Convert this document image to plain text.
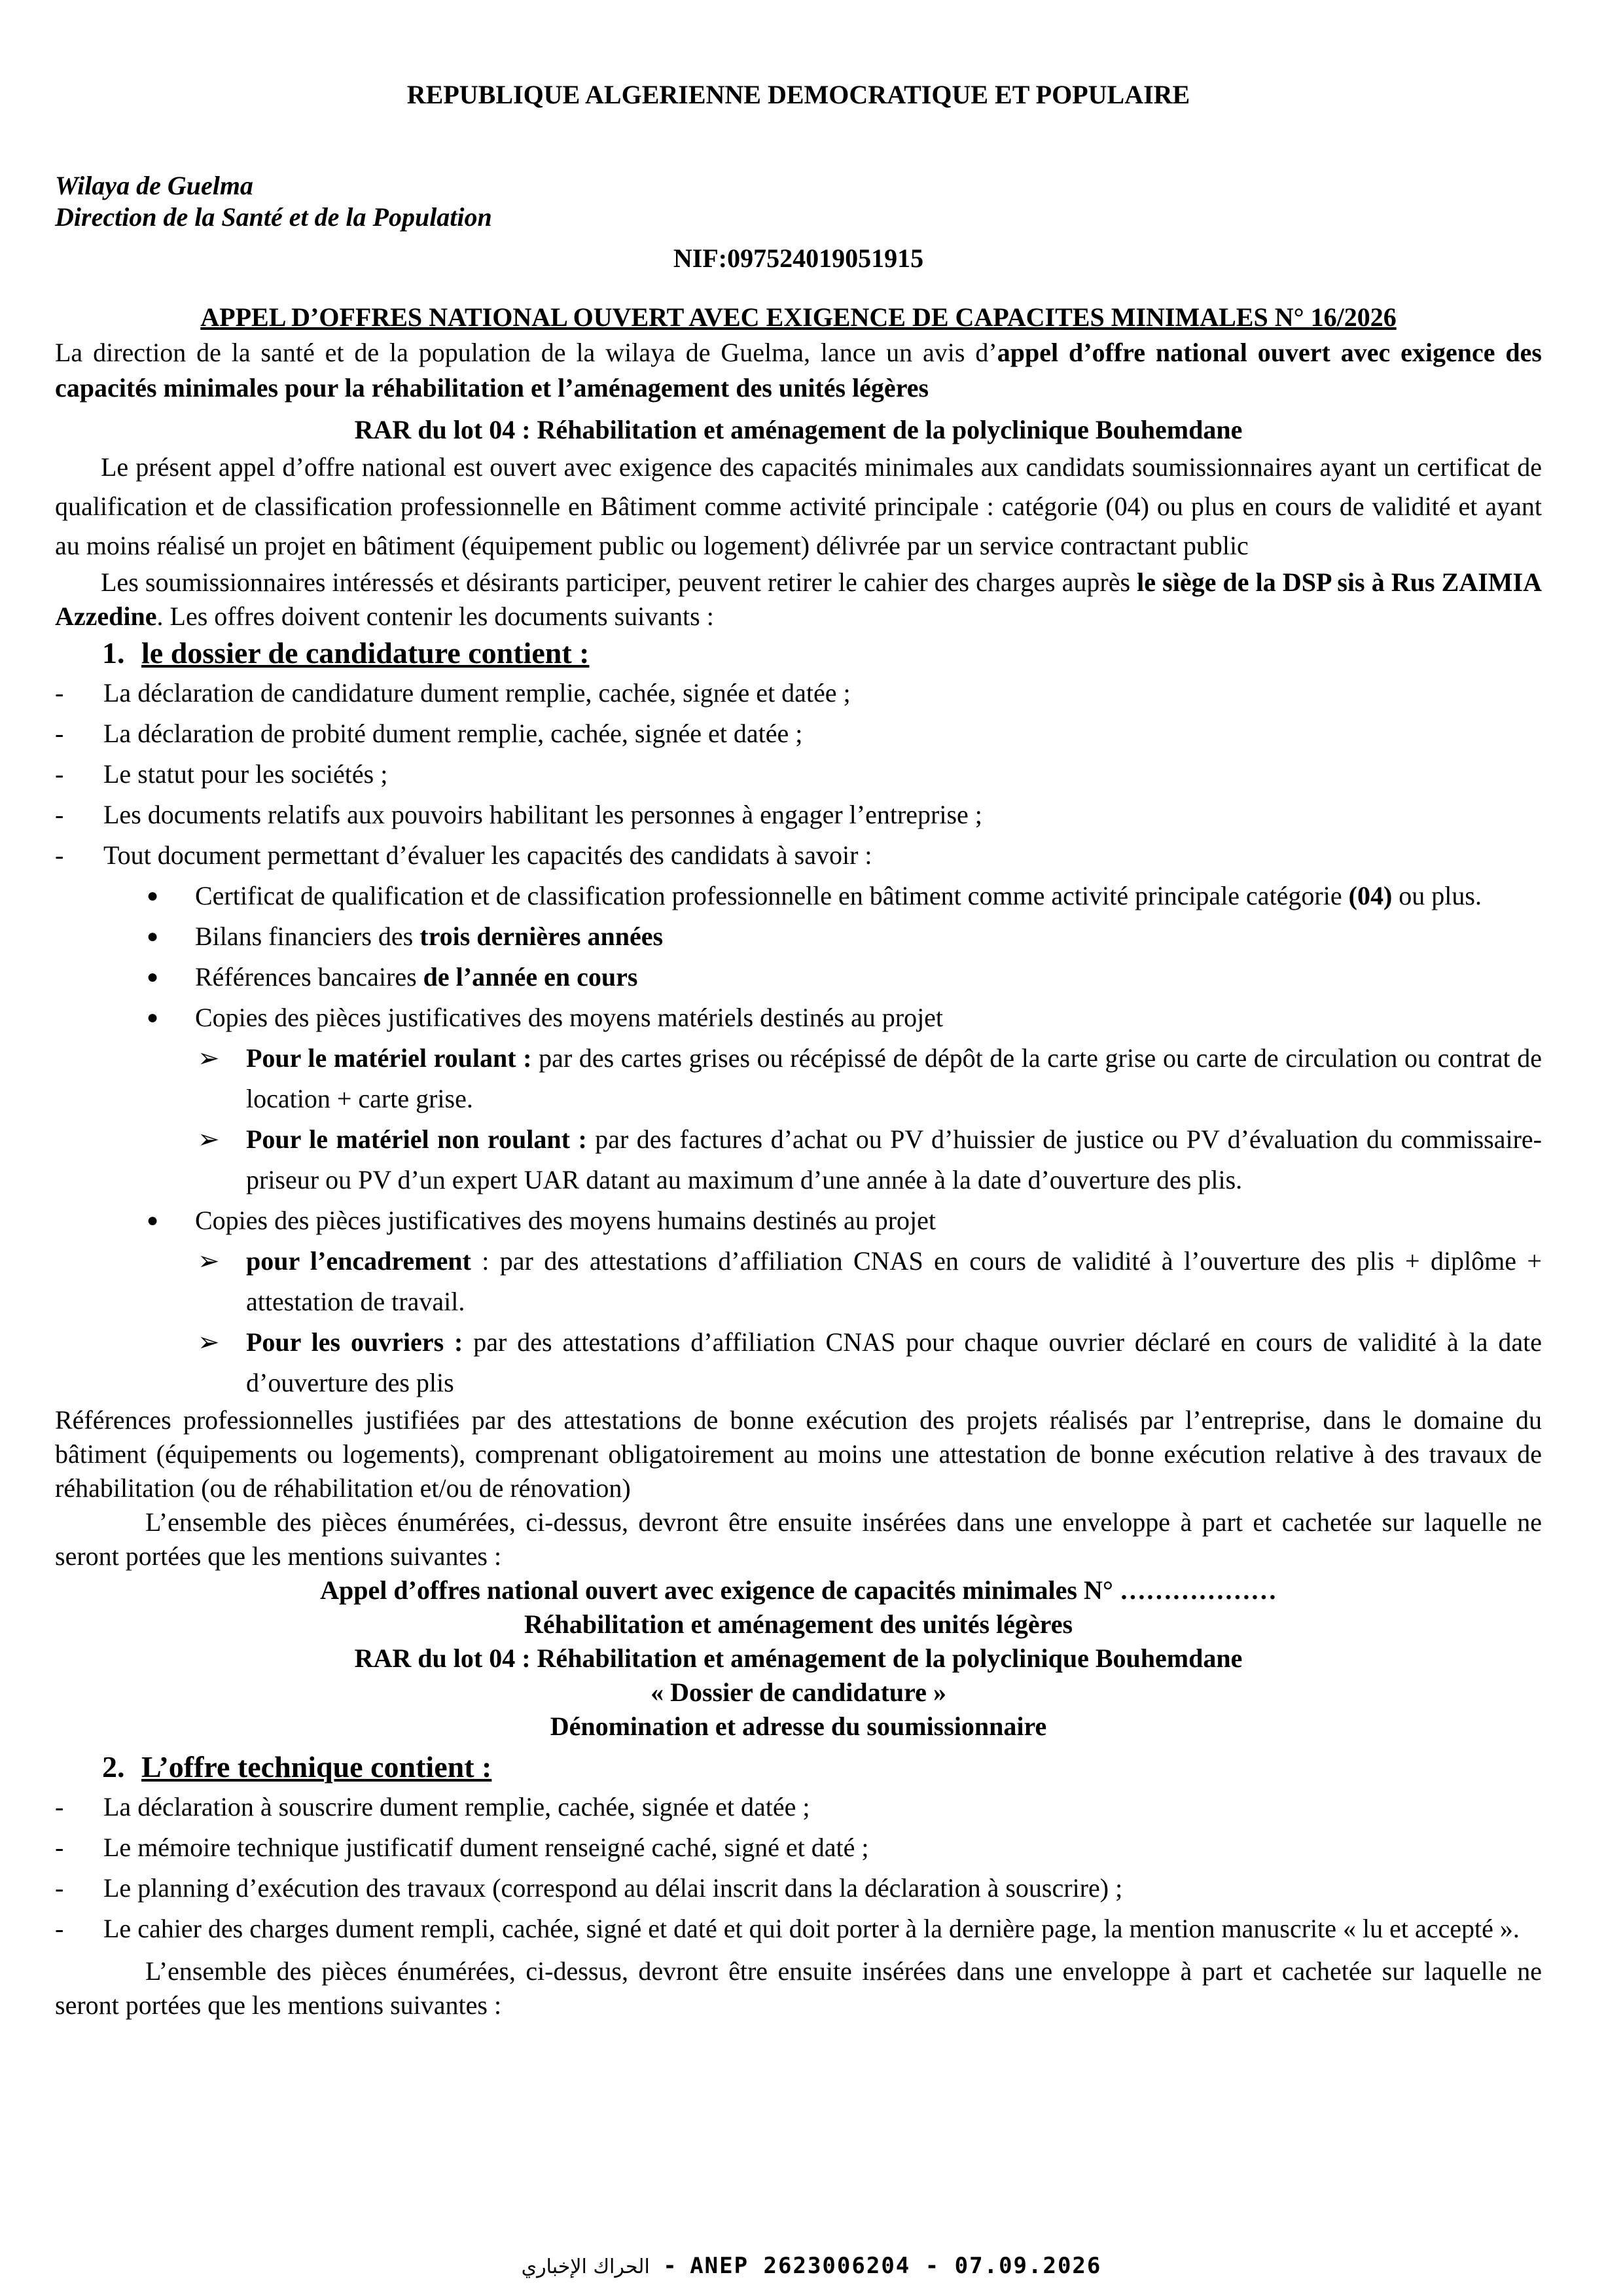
REPUBLIQUE ALGERIENNE DEMOCRATIQUE ET POPULAIRE

Wilaya de Guelma

Direction de la Santé et de la Population

NIF:097524019051915

APPEL D’OFFRES NATIONAL OUVERT AVEC EXIGENCE DE CAPACITES MINIMALES N° 16/2026

La direction de la santé et de la population de la wilaya de Guelma, lance un avis d’appel d’offre national ouvert avec exigence des capacités minimales pour la réhabilitation et l’aménagement des unités légères

RAR du lot 04 : Réhabilitation et aménagement de la polyclinique Bouhemdane

Le présent appel d’offre national est ouvert avec exigence des capacités minimales aux candidats soumissionnaires ayant un certificat de qualification et de classification professionnelle en Bâtiment comme activité principale : catégorie (04) ou plus en cours de validité et ayant au moins réalisé un projet en bâtiment (équipement public ou logement) délivrée par un service contractant public

Les soumissionnaires intéressés et désirants participer, peuvent retirer le cahier des charges auprès le siège de la DSP sis à Rus ZAIMIA Azzedine. Les offres doivent contenir les documents suivants :

1. le dossier de candidature contient :

-	La déclaration de candidature dument remplie, cachée, signée et datée ;
-	La déclaration de probité dument remplie, cachée, signée et datée ;
-	Le statut pour les sociétés ;
-	Les documents relatifs aux pouvoirs habilitant les personnes à engager l’entreprise ;
-	Tout document permettant d’évaluer les capacités des candidats à savoir :
●	Certificat de qualification et de classification professionnelle en bâtiment comme activité principale catégorie (04) ou plus.
●	Bilans financiers des trois dernières années
●	Références bancaires de l’année en cours
●	Copies des pièces justificatives des moyens matériels destinés au projet
➢	Pour le matériel roulant : par des cartes grises ou récépissé de dépôt de la carte grise ou carte de circulation ou contrat de location + carte grise.
➢	Pour le matériel non roulant : par des factures d’achat ou PV d’huissier de justice ou PV d’évaluation du commissaire-priseur ou PV d’un expert UAR datant au maximum d’une année à la date d’ouverture des plis.
●	Copies des pièces justificatives des moyens humains destinés au projet
➢	pour l’encadrement : par des attestations d’affiliation CNAS en cours de validité à l’ouverture des plis + diplôme + attestation de travail.
➢	Pour les ouvriers : par des attestations d’affiliation CNAS pour chaque ouvrier déclaré en cours de validité à la date d’ouverture des plis

Références professionnelles justifiées par des attestations de bonne exécution des projets réalisés par l’entreprise, dans le domaine du bâtiment (équipements ou logements), comprenant obligatoirement au moins une attestation de bonne exécution relative à des travaux de réhabilitation (ou de réhabilitation et/ou de rénovation)

L’ensemble des pièces énumérées, ci-dessus, devront être ensuite insérées dans une enveloppe à part et cachetée sur laquelle ne seront portées que les mentions suivantes :

Appel d’offres national ouvert avec exigence de capacités minimales N° ………………

Réhabilitation et aménagement des unités légères

RAR du lot 04 : Réhabilitation et aménagement de la polyclinique Bouhemdane

« Dossier de candidature »

Dénomination et adresse du soumissionnaire

2. L’offre technique contient :

-	La déclaration à souscrire dument remplie, cachée, signée et datée ;
-	Le mémoire technique justificatif dument renseigné caché, signé et daté ;
-	Le planning d’exécution des travaux (correspond au délai inscrit dans la déclaration à souscrire) ;
-	Le cahier des charges dument rempli, cachée, signé et daté et qui doit porter à la dernière page, la mention manuscrite « lu et accepté ».

L’ensemble des pièces énumérées, ci-dessus, devront être ensuite insérées dans une enveloppe à part et cachetée sur laquelle ne seront portées que les mentions suivantes :

الحراك الإخباري - ANEP 2623006204 - 07.09.2026
